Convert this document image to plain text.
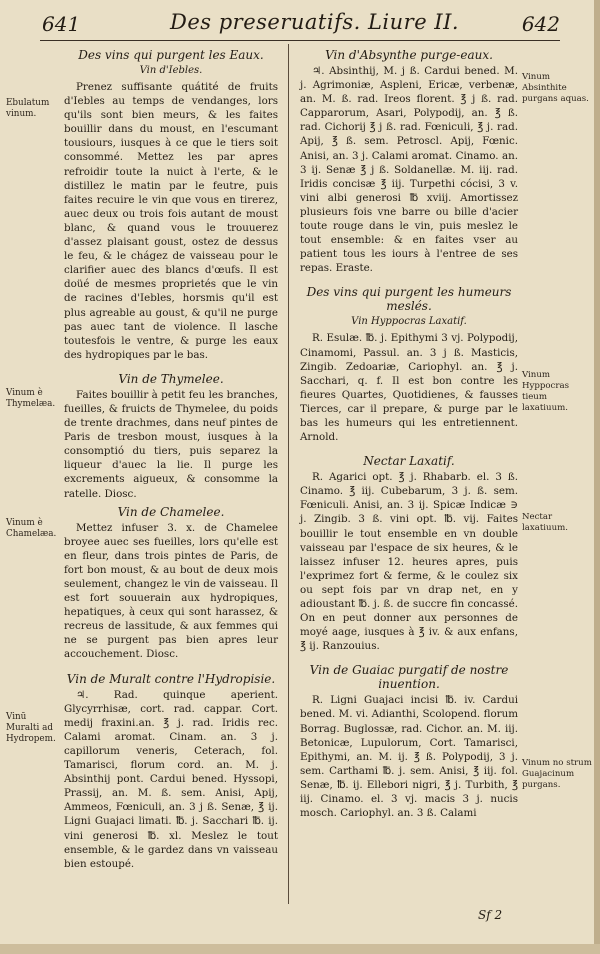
641	Des preseruatifs. Liure II.	642
Ebulatum vinum.
Vinum è Thymelæa.
Vinum è Chamelæa.
Vinū Muralti ad Hydropem.
Vinum Absinthite purgans aquas.
Vinum Hyppocras tieum laxatiuum.
Nectar laxatiuum.
Vinum no strum Guajacinum purgans.
Des vins qui purgent les Eaux.
Vin d'Iebles.

Prenez suffisante quátité de fruits d'Iebles au temps de vendanges, lors qu'ils sont bien meurs, & les faites bouillir dans du moust, en l'escumant tousiours, iusques à ce que le tiers soit consommé. Mettez les par apres refroidir toute la nuict à l'erte, & le distillez le matin par le feutre, puis faites recuire le vin que vous en tirerez, auec deux ou trois fois autant de moust blanc, & quand vous le trouuerez d'assez plaisant goust, ostez de dessus le feu, & le chágez de vaisseau pour le clarifier auec des blancs d'œufs. Il est doüé de mesmes proprietés que le vin de racines d'Iebles, horsmis qu'il est plus agreable au goust, & qu'il ne purge pas auec tant de violence. Il lasche toutesfois le ventre, & purge les eaux des hydropiques par le bas.

Vin de Thymelee.

Faites bouillir à petit feu les branches, fueilles, & fruicts de Thymelee, du poids de trente drachmes, dans neuf pintes de Paris de tresbon moust, iusques à la consomptió du tiers, puis separez la liqueur d'auec la lie. Il purge les excrements aigueux, & consomme la ratelle. Diosc.

Vin de Chamelee.

Mettez infuser 3. x. de Chamelee broyee auec ses fueilles, lors qu'elle est en fleur, dans trois pintes de Paris, de fort bon moust, & au bout de deux mois seulement, changez le vin de vaisseau. Il est fort souuerain aux hydropiques, hepatiques, à ceux qui sont harassez, & recreus de lassitude, & aux femmes qui ne se purgent pas bien apres leur accouchement. Diosc.

Vin de Muralt contre l'Hydropisie.

♃. Rad. quinque aperient. Glycyrrhisæ, cort. rad. cappar. Cort. medij fraxini.an. ℥ j. rad. Iridis rec. Calami aromat. Cinam. an. 3 j. capillorum veneris, Ceterach, fol. Tamarisci, florum cord. an. M. j. Absinthij pont. Cardui bened. Hyssopi, Prassij, an. M. ß. sem. Anisi, Apij, Ammeos, Fœniculi, an. 3 j ß. Senæ, ℥ ij. Ligni Guajaci limati. ℔. j. Sacchari ℔. ij. vini generosi ℔. xl. Meslez le tout ensemble, & le gardez dans vn vaisseau bien estoupé.

Vin d'Absynthe purge-eaux.

♃. Absinthij, M. j ß. Cardui bened. M. j. Agrimoniæ, Aspleni, Ericæ, verbenæ, an. M. ß. rad. Ireos florent. ℥ j ß. rad. Capparorum, Asari, Polypodij, an. ℥ ß. rad. Cichorij ℥ j ß. rad. Fœniculi, ℥ j. rad. Apij, ℥ ß. sem. Petroscl. Apij, Fœnic. Anisi, an. 3 j. Calami aromat. Cinamo. an. 3 ij. Senæ ℥ j ß. Soldanellæ. M. iij. rad. Iridis concisæ ℥ iij. Turpethi cócisi, 3 v. vini albi generosi ℔ xviij. Amortissez plusieurs fois vne barre ou bille d'acier toute rouge dans le vin, puis meslez le tout ensemble: & en faites vser au patient tous les iours à l'entree de ses repas. Eraste.

Des vins qui purgent les humeurs meslés.
Vin Hyppocras Laxatif.

R. Esulæ. ℔. j. Epithymi 3 vj. Polypodij, Cinamomi, Passul. an. 3 j ß. Masticis, Zingib. Zedoariæ, Cariophyl. an. ℥ j. Sacchari, q. f. Il est bon contre les fieures Quartes, Quotidienes, & fausses Tierces, car il prepare, & purge par le bas les humeurs qui les entretiennent. Arnold.

Nectar Laxatif.

R. Agarici opt. ℥ j. Rhabarb. el. 3 ß. Cinamo. ℥ iij. Cubebarum, 3 j. ß. sem. Fœniculi. Anisi, an. 3 ij. Spicæ Indicæ ∋ j. Zingib. 3 ß. vini opt. ℔. vij. Faites bouillir le tout ensemble en vn double vaisseau par l'espace de six heures, & le laissez infuser 12. heures apres, puis l'exprimez fort & ferme, & le coulez six ou sept fois par vn drap net, en y adioustant ℔. j. ß. de succre fin concassé. On en peut donner aux personnes de moyé aage, iusques à ℥ iv. & aux enfans, ℥ ij. Ranzouius.

Vin de Guaiac purgatif de nostre inuention.

R. Ligni Guajaci incisi ℔. iv. Cardui bened. M. vi. Adianthi, Scolopend. florum Borrag. Buglossæ, rad. Cichor. an. M. iij. Betonicæ, Lupulorum, Cort. Tamarisci, Epithymi, an. M. ij. ℥ ß. Polypodij, 3 j. sem. Carthami ℔. j. sem. Anisi, ℥ iij. fol. Senæ, ℔. ij. Ellebori nigri, ℥ j. Turbith, ℥ iij. Cinamo. el. 3 vj. macis 3 j. nucis mosch. Cariophyl. an. 3 ß. Calami

Sf 2
